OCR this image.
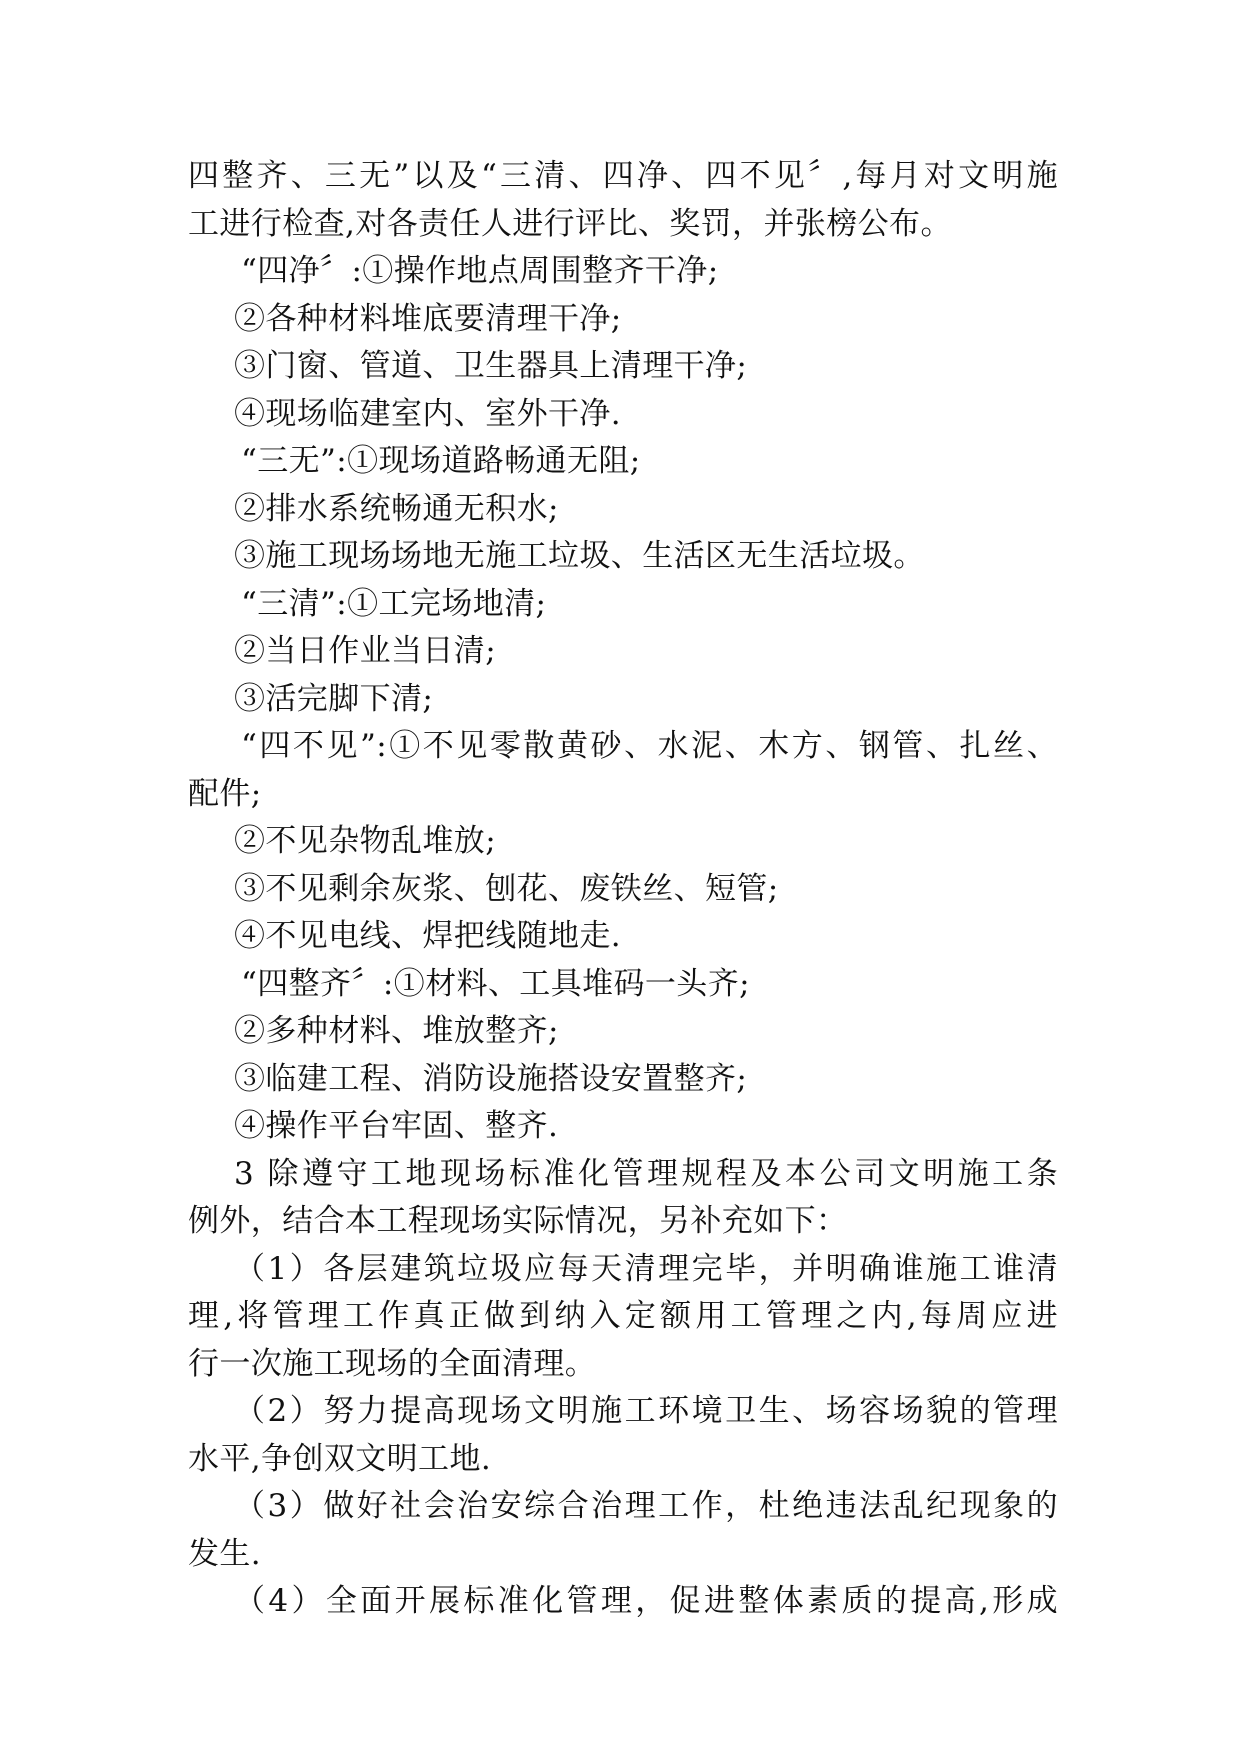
四整齐、三无”以及“三清、四净、四不见〞,每月对文明施
工进行检查,对各责任人进行评比、奖罚，并张榜公布。
“四净〞:①操作地点周围整齐干净;
②各种材料堆底要清理干净;
③门窗、管道、卫生器具上清理干净;
④现场临建室内、室外干净.
“三无”:①现场道路畅通无阻;
②排水系统畅通无积水;
③施工现场场地无施工垃圾、生活区无生活垃圾。
“三清”:①工完场地清;
②当日作业当日清;
③活完脚下清;
“四不见”:①不见零散黄砂、水泥、木方、钢管、扎丝、
配件;
②不见杂物乱堆放;
③不见剩余灰浆、刨花、废铁丝、短管;
④不见电线、焊把线随地走.
“四整齐〞:①材料、工具堆码一头齐;
②多种材料、堆放整齐;
③临建工程、消防设施搭设安置整齐;
④操作平台牢固、整齐.
3 除遵守工地现场标准化管理规程及本公司文明施工条
例外，结合本工程现场实际情况，另补充如下：
（1）各层建筑垃圾应每天清理完毕，并明确谁施工谁清
理,将管理工作真正做到纳入定额用工管理之内,每周应进
行一次施工现场的全面清理。
（2）努力提高现场文明施工环境卫生、场容场貌的管理
水平,争创双文明工地.
（3）做好社会治安综合治理工作，杜绝违法乱纪现象的
发生.
（4）全面开展标准化管理，促进整体素质的提高,形成
